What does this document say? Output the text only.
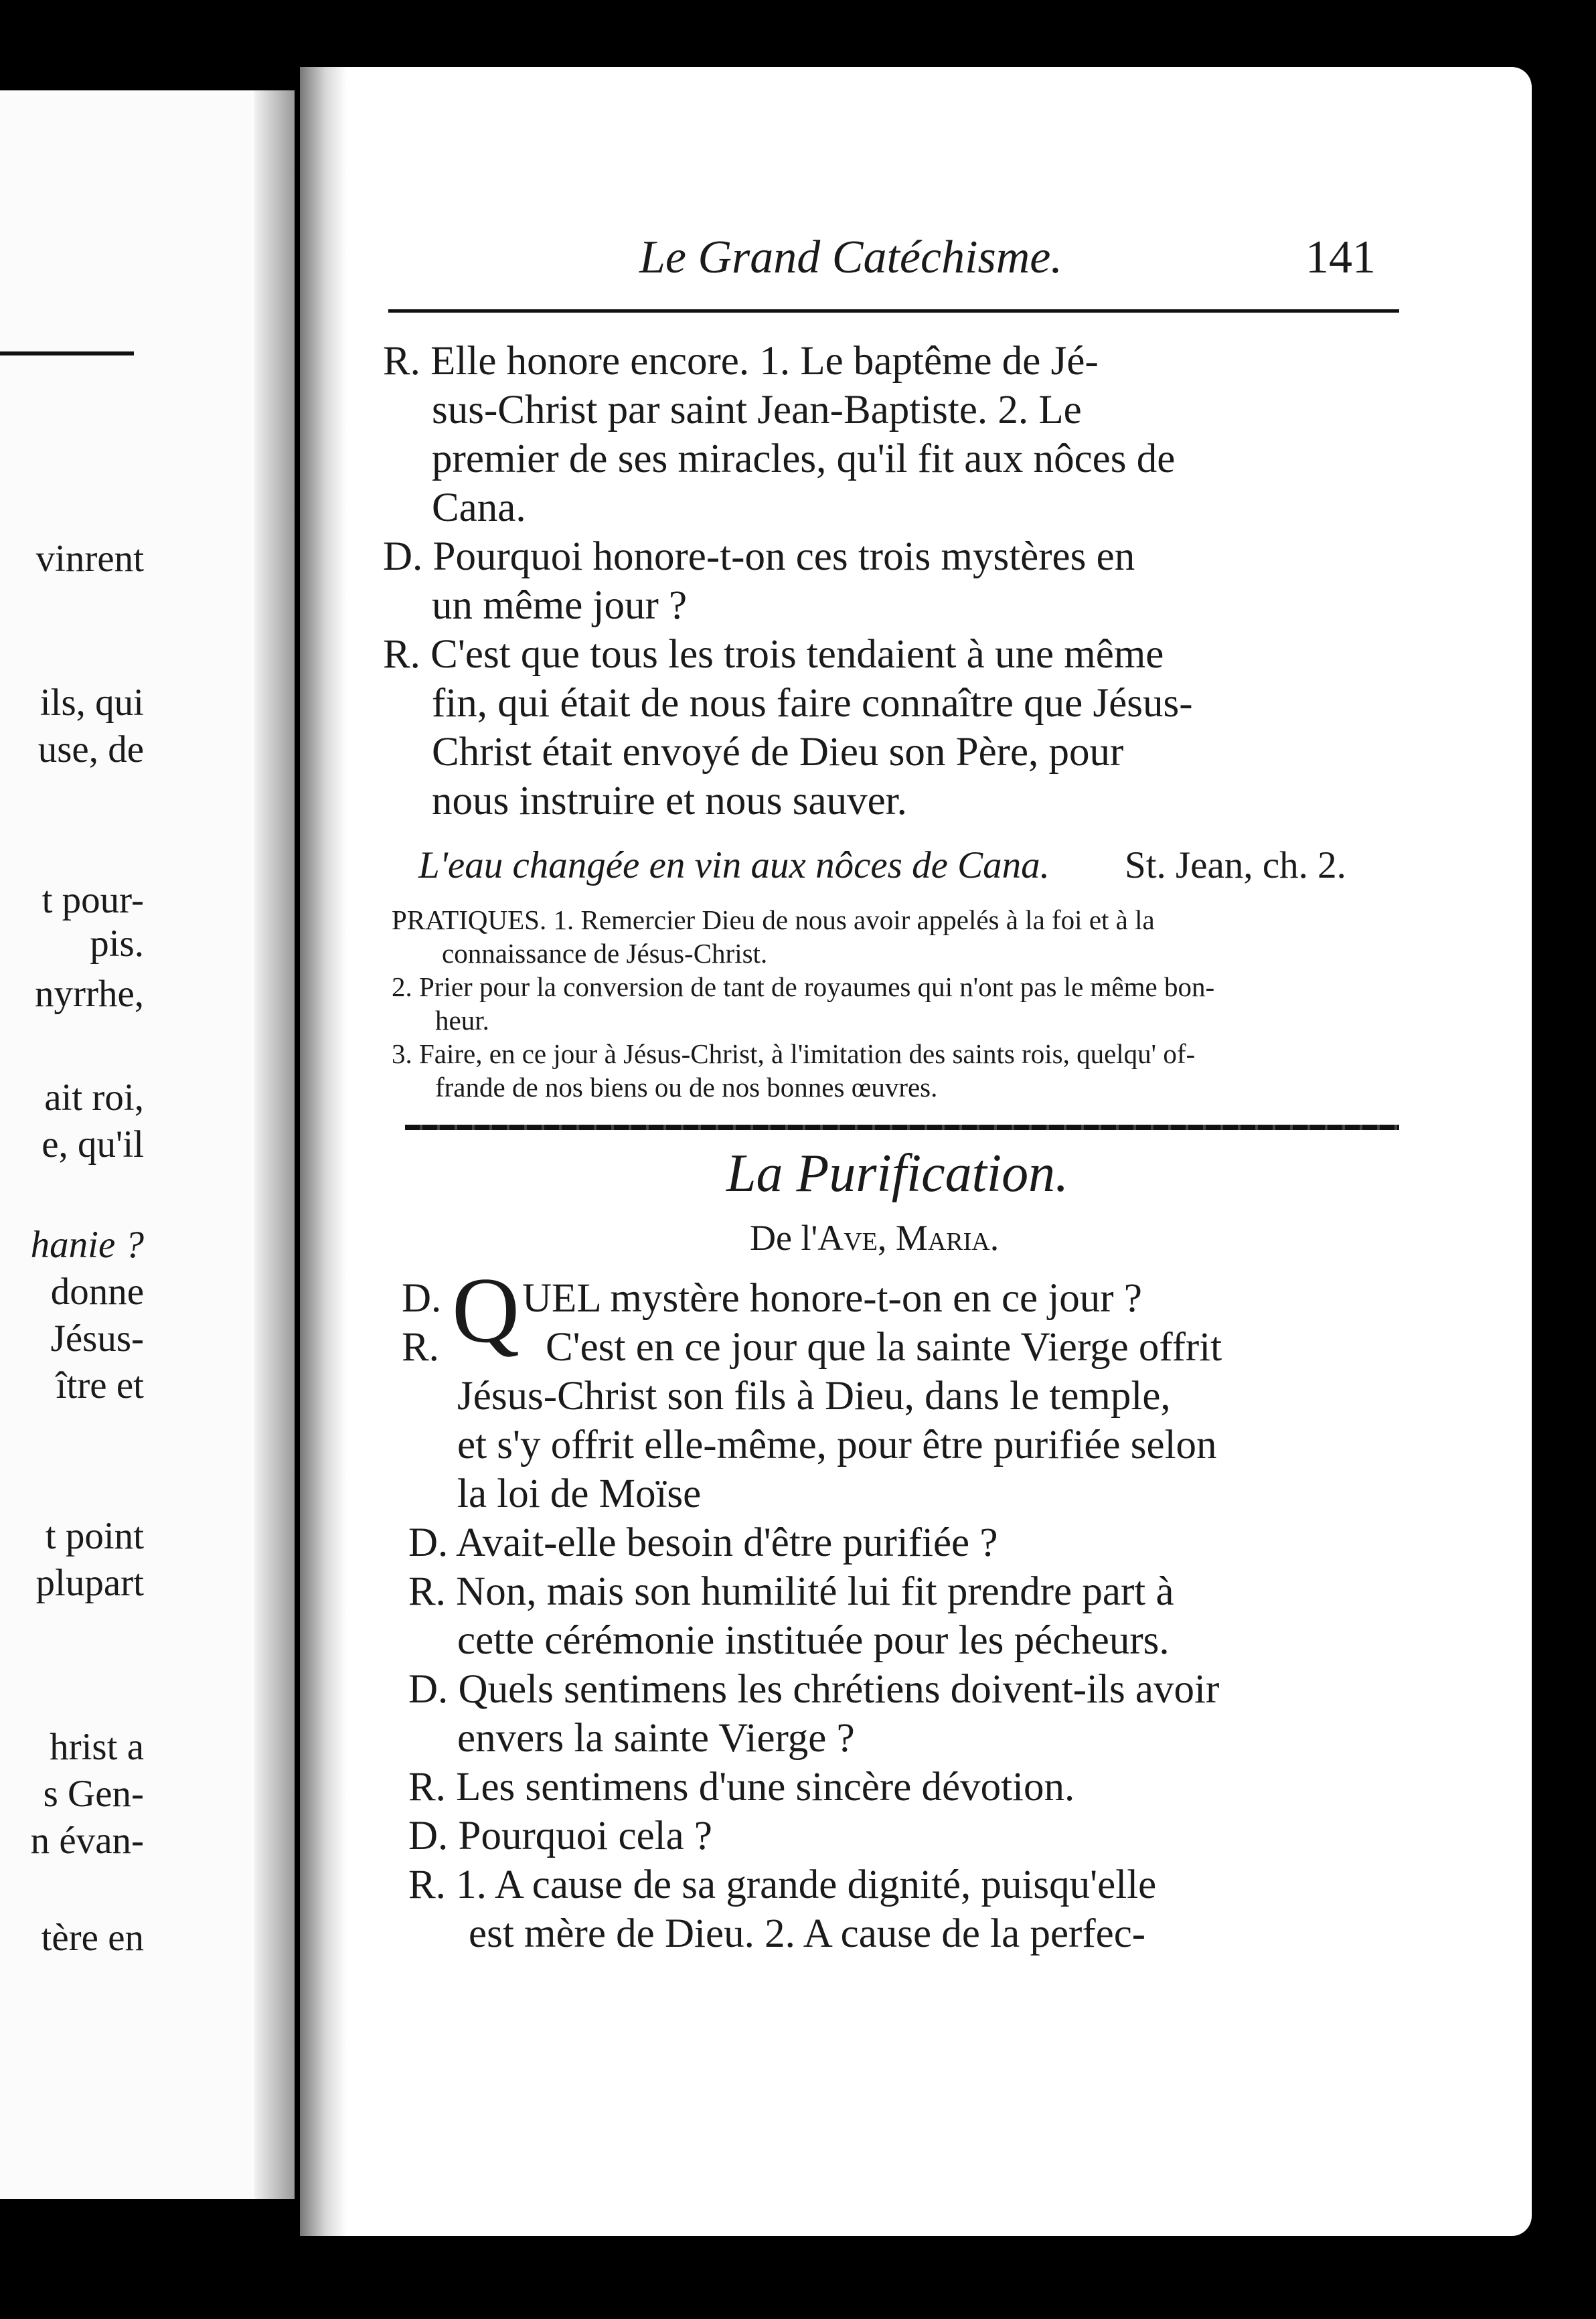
vinrent
ils, qui
use, de
t pour-
pis.
nyrrhe,
ait roi,
e, qu'il
hanie ?
donne
Jésus-
ître et
t point
plupart
hrist a
s Gen-
n évan-
tère en
Le Grand Catéchisme.	141
R. Elle honore encore. 1. Le baptême de Jé-
sus-Christ par saint Jean-Baptiste. 2. Le
premier de ses miracles, qu'il fit aux nôces de
Cana.
D. Pourquoi honore-t-on ces trois mystères en
un même jour ?
R. C'est que tous les trois tendaient à une même
fin, qui était de nous faire connaître que Jésus-
Christ était envoyé de Dieu son Père, pour
nous instruire et nous sauver.
L'eau changée en vin aux nôces de Cana. St. Jean, ch. 2.
PRATIQUES. 1. Remercier Dieu de nous avoir appelés à la foi et à la
connaissance de Jésus-Christ.
2. Prier pour la conversion de tant de royaumes qui n'ont pas le même bon-
heur.
3. Faire, en ce jour à Jésus-Christ, à l'imitation des saints rois, quelqu' of-
frande de nos biens ou de nos bonnes œuvres.
La Purification.
De l'Ave, Maria.
D. Q UEL mystère honore-t-on en ce jour ?
R.	C'est en ce jour que la sainte Vierge offrit
Jésus-Christ son fils à Dieu, dans le temple,
et s'y offrit elle-même, pour être purifiée selon
la loi de Moïse
D. Avait-elle besoin d'être purifiée ?
R. Non, mais son humilité lui fit prendre part à
cette cérémonie instituée pour les pécheurs.
D. Quels sentimens les chrétiens doivent-ils avoir
envers la sainte Vierge ?
R. Les sentimens d'une sincère dévotion.
D. Pourquoi cela ?
R. 1. A cause de sa grande dignité, puisqu'elle
est mère de Dieu. 2. A cause de la perfec-
